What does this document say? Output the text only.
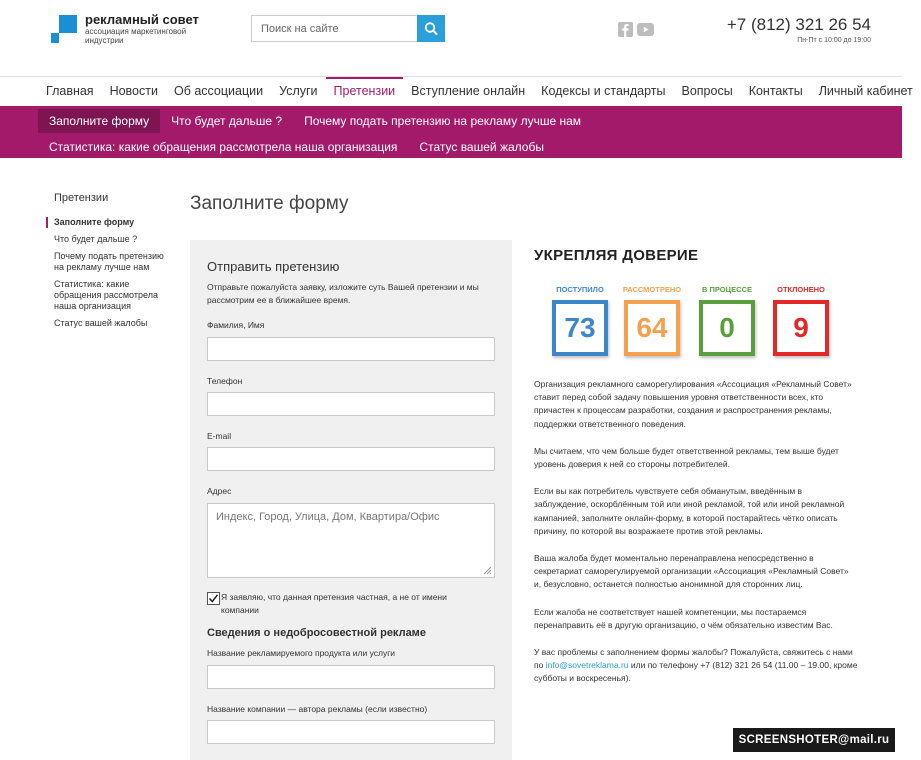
рекламный совет
ассоциация маркетинговой индустрии
Поиск на сайте
+7 (812) 321 26 54
Пн-Пт с 10:00 до 19:00
Главная	Новости	Об ассоциации	Услуги	Претензии	Вступление онлайн	Кодексы и стандарты	Вопросы	Контакты	Личный кабинет
Заполните форму	Что будет дальше ?	Почему подать претензию на рекламу лучше нам
Статистика: какие обращения рассмотрела наша организация	Статус вашей жалобы
Претензии
Заполните форму
Что будет дальше ?
Почему подать претензию на рекламу лучше нам
Статистика: какие обращения рассмотрела наша организация
Статус вашей жалобы
Заполните форму
Отправить претензию
Отправьте пожалуйста заявку, изложите суть Вашей претензии и мы рассмотрим ее в ближайшее время.
Фамилия, Имя
Телефон
E-mail
Адрес
Индекс, Город, Улица, Дом, Квартира/Офис
Я заявляю, что данная претензия частная, а не от имени компании
Сведения о недобросовестной рекламе
Название рекламируемого продукта или услуги
Название компании — автора рекламы (если известно)
УКРЕПЛЯЯ ДОВЕРИЕ
ПОСТУПИЛО
73
РАССМОТРЕНО
64
В ПРОЦЕССЕ
0
ОТКЛОНЕНО
9

Организация рекламного саморегулирования «Ассоциация «Рекламный Совет» ставит перед собой задачу повышения уровня ответственности всех, кто причастен к процессам разработки, создания и распространения рекламы, поддержки ответственного поведения.

Мы считаем, что чем больше будет ответственной рекламы, тем выше будет уровень доверия к ней со стороны потребителей.

Если вы как потребитель чувствуете себя обманутым, введённым в заблуждение, оскорблённым той или иной рекламой, той или иной рекламной кампанией, заполните онлайн-форму, в которой постарайтесь чётко описать причину, по которой вы возражаете против этой рекламы.

Ваша жалоба будет моментально перенаправлена непосредственно в секретариат саморегулируемой организации «Ассоциация «Рекламный Совет» и, безусловно, останется полностью анонимной для сторонних лиц.

Если жалоба не соответствует нашей компетенции, мы постараемся перенаправить её в другую организацию, о чём обязательно известим Вас.

У вас проблемы с заполнением формы жалобы? Пожалуйста, свяжитесь с нами по info@sovetreklama.ru или по телефону +7 (812) 321 26 54 (11.00 – 19.00, кроме субботы и воскресенья).

SCREENSHOTER@mail.ru
